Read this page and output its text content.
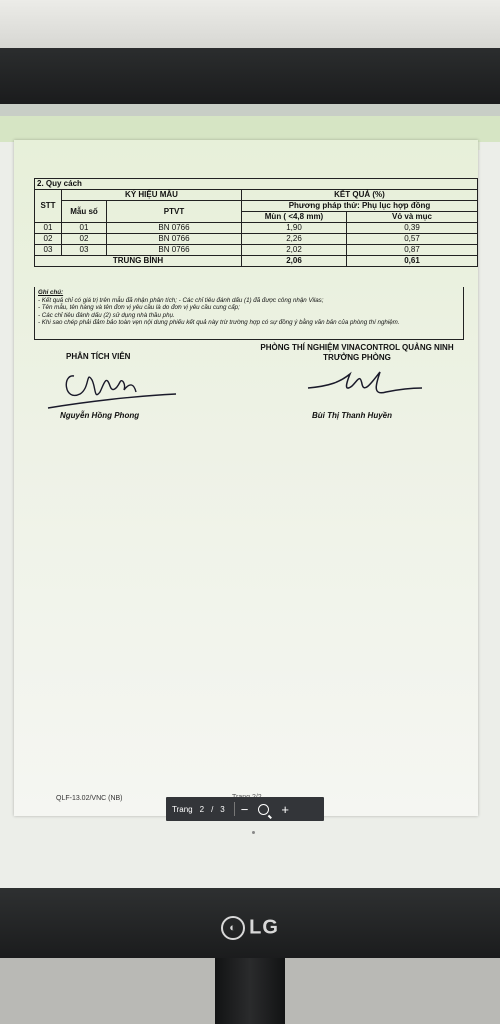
2. Quy cách				
STT	KÝ HIỆU MẪU		KẾT QUẢ (%)	
	Mẫu số	PTVT	Phương pháp thử: Phụ lục hợp đồng	
			Mùn ( <4,8 mm)	Vỏ và mục
01	01	BN 0766	1,90	0,39
02	02	BN 0766	2,26	0,57
03	03	BN 0766	2,02	0,87
TRUNG BÌNH			2,06	0,61
Ghi chú:
- Kết quả chỉ có giá trị trên mẫu đã nhận phân tích; - Các chỉ tiêu đánh dấu (1) đã được công nhận Vilas;
- Tên mẫu, tên hàng và tên đơn vị yêu cầu là do đơn vị yêu cầu cung cấp;
- Các chỉ tiêu đánh dấu (2) sử dụng nhà thầu phụ.
- Khi sao chép phải đảm bảo toàn vẹn nội dung phiếu kết quả này trừ trường hợp có sự đồng ý bằng văn bản của phòng thí nghiệm.
PHÂN TÍCH VIÊN
PHÒNG THÍ NGHIỆM VINACONTROL QUẢNG NINH
TRƯỞNG PHÒNG
Nguyễn Hồng Phong	Bùi Thị Thanh Huyền
QLF-13.02/VNC (NB)
Trang 2 / 3 −	+
◐ LG
